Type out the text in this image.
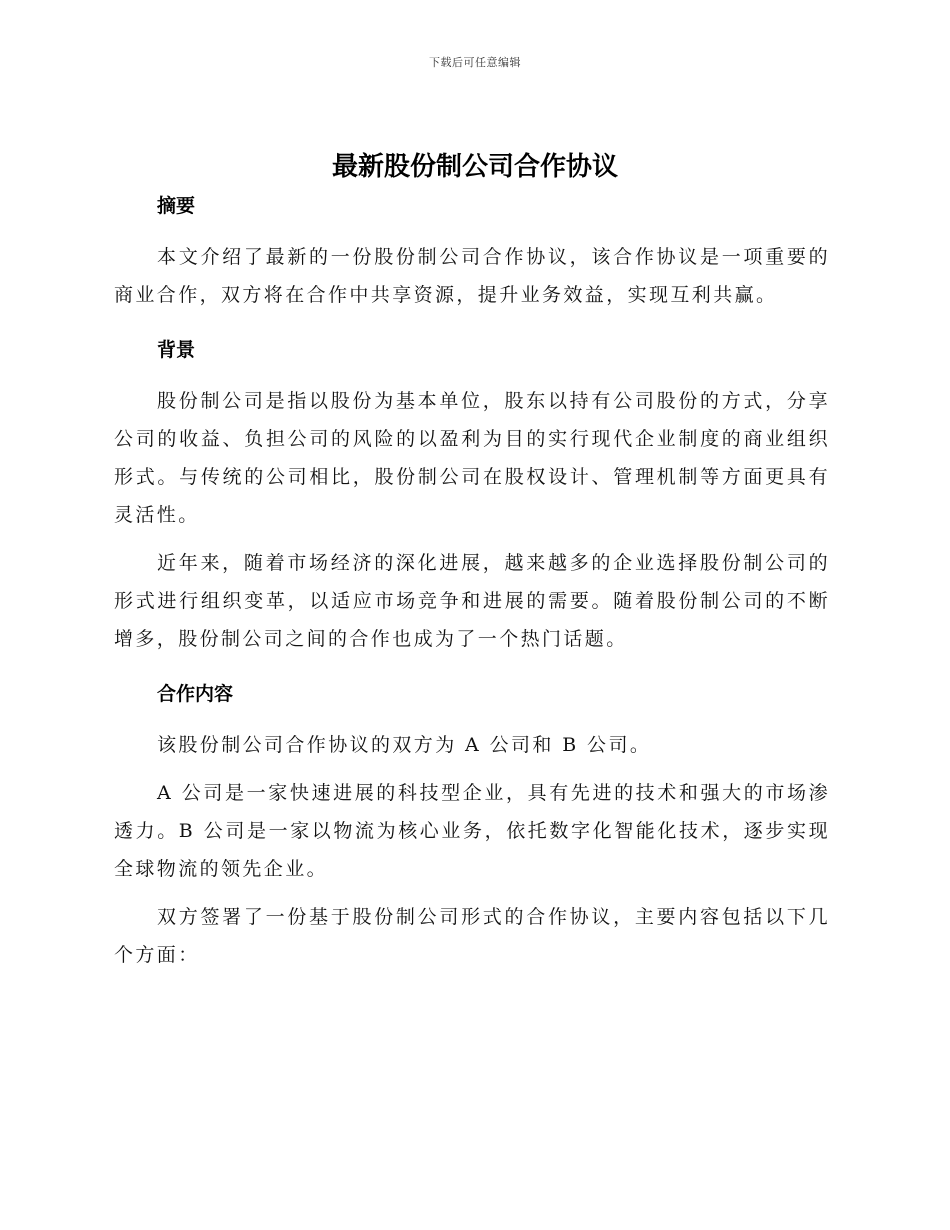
下载后可任意编辑
最新股份制公司合作协议
摘要

本文介绍了最新的一份股份制公司合作协议，该合作协议是一项重要的商业合作，双方将在合作中共享资源，提升业务效益，实现互利共赢。

背景

股份制公司是指以股份为基本单位，股东以持有公司股份的方式，分享公司的收益、负担公司的风险的以盈利为目的实行现代企业制度的商业组织形式。与传统的公司相比，股份制公司在股权设计、管理机制等方面更具有灵活性。

近年来，随着市场经济的深化进展，越来越多的企业选择股份制公司的形式进行组织变革，以适应市场竞争和进展的需要。随着股份制公司的不断增多，股份制公司之间的合作也成为了一个热门话题。

合作内容

该股份制公司合作协议的双方为 A 公司和 B 公司。

A 公司是一家快速进展的科技型企业，具有先进的技术和强大的市场渗透力。B 公司是一家以物流为核心业务，依托数字化智能化技术，逐步实现全球物流的领先企业。

双方签署了一份基于股份制公司形式的合作协议，主要内容包括以下几个方面：
